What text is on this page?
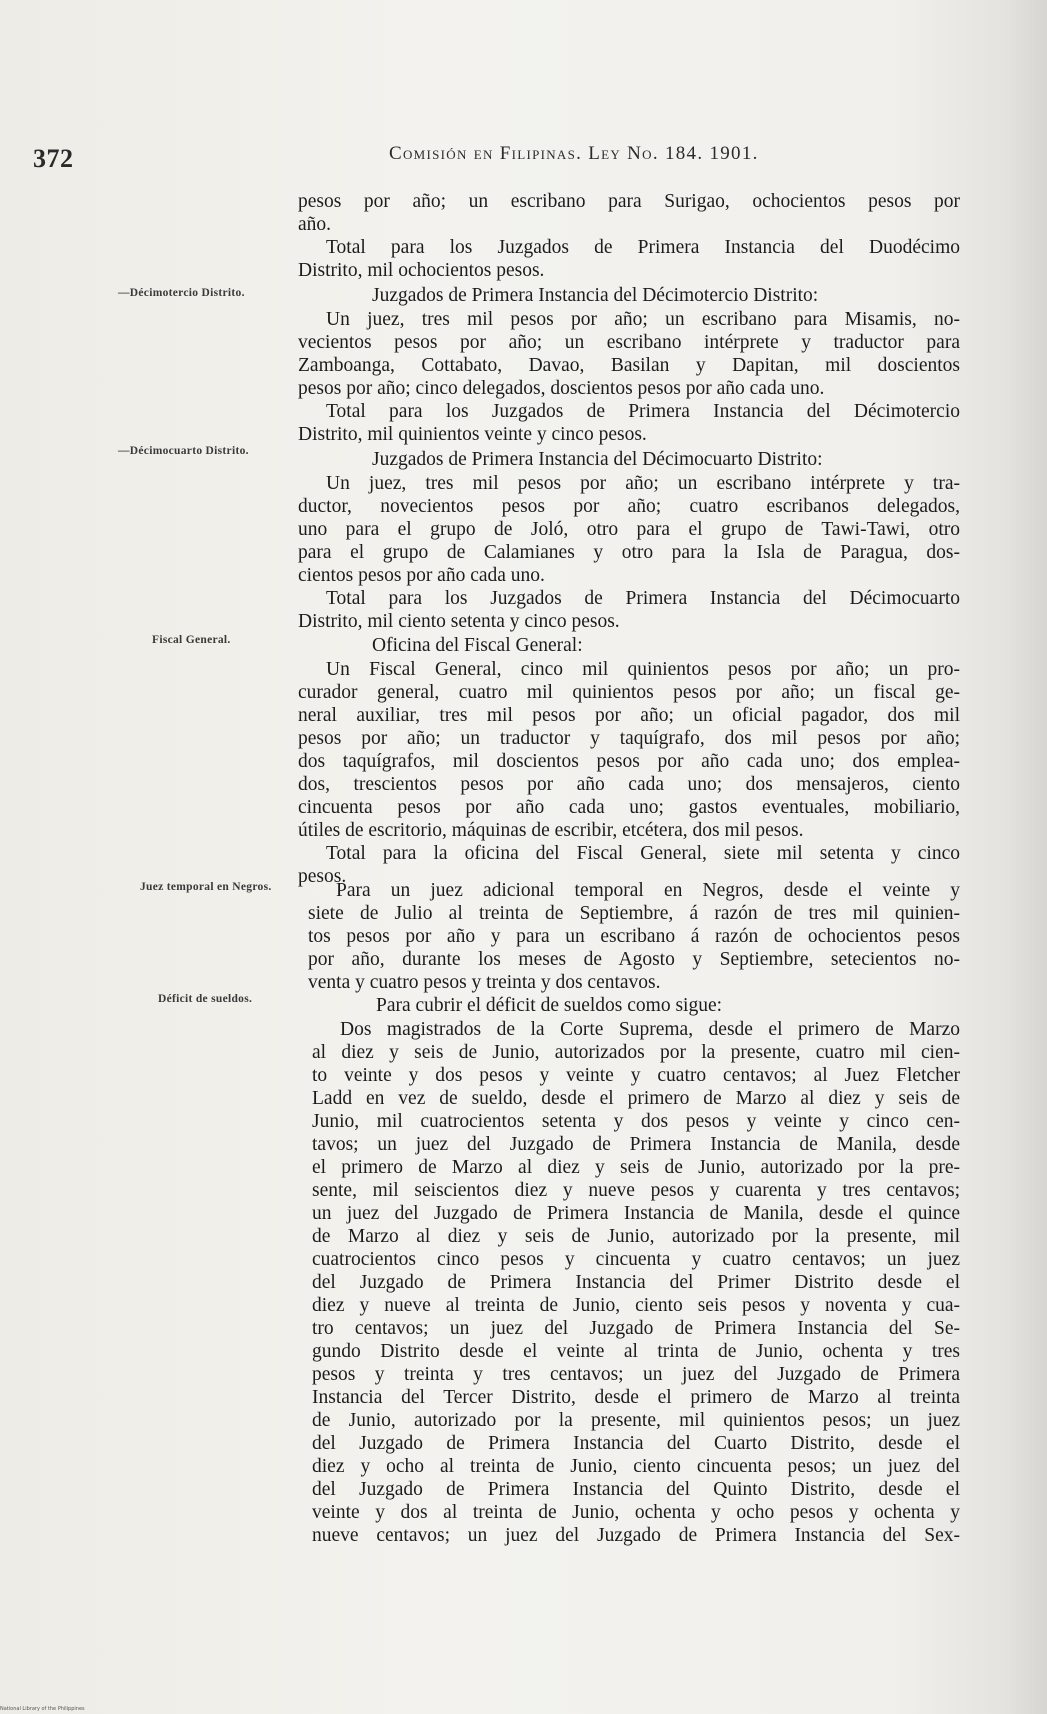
372	Comisión en Filipinas. Ley No. 184. 1901.
—Décimotercio Distrito.
—Décimocuarto Distrito.
Fiscal General.
Juez temporal en Negros.
Déficit de sueldos.
pesos por año; un escribano para Surigao, ochocientos pesos por
año.
Total para los Juzgados de Primera Instancia del Duodécimo
Distrito, mil ochocientos pesos.
Juzgados de Primera Instancia del Décimotercio Distrito:
Un juez, tres mil pesos por año; un escribano para Misamis, no-
vecientos pesos por año; un escribano intérprete y traductor para
Zamboanga, Cottabato, Davao, Basilan y Dapitan, mil doscientos
pesos por año; cinco delegados, doscientos pesos por año cada uno.
Total para los Juzgados de Primera Instancia del Décimotercio
Distrito, mil quinientos veinte y cinco pesos.
Juzgados de Primera Instancia del Décimocuarto Distrito:
Un juez, tres mil pesos por año; un escribano intérprete y tra-
ductor, novecientos pesos por año; cuatro escribanos delegados,
uno para el grupo de Joló, otro para el grupo de Tawi-Tawi, otro
para el grupo de Calamianes y otro para la Isla de Paragua, dos-
cientos pesos por año cada uno.
Total para los Juzgados de Primera Instancia del Décimocuarto
Distrito, mil ciento setenta y cinco pesos.
Oficina del Fiscal General:
Un Fiscal General, cinco mil quinientos pesos por año; un pro-
curador general, cuatro mil quinientos pesos por año; un fiscal ge-
neral auxiliar, tres mil pesos por año; un oficial pagador, dos mil
pesos por año; un traductor y taquígrafo, dos mil pesos por año;
dos taquígrafos, mil doscientos pesos por año cada uno; dos emplea-
dos, trescientos pesos por año cada uno; dos mensajeros, ciento
cincuenta pesos por año cada uno; gastos eventuales, mobiliario,
útiles de escritorio, máquinas de escribir, etcétera, dos mil pesos.
Total para la oficina del Fiscal General, siete mil setenta y cinco
pesos.
Para un juez adicional temporal en Negros, desde el veinte y
siete de Julio al treinta de Septiembre, á razón de tres mil quinien-
tos pesos por año y para un escribano á razón de ochocientos pesos
por año, durante los meses de Agosto y Septiembre, setecientos no-
venta y cuatro pesos y treinta y dos centavos.
Para cubrir el déficit de sueldos como sigue:
Dos magistrados de la Corte Suprema, desde el primero de Marzo
al diez y seis de Junio, autorizados por la presente, cuatro mil cien-
to veinte y dos pesos y veinte y cuatro centavos; al Juez Fletcher
Ladd en vez de sueldo, desde el primero de Marzo al diez y seis de
Junio, mil cuatrocientos setenta y dos pesos y veinte y cinco cen-
tavos; un juez del Juzgado de Primera Instancia de Manila, desde
el primero de Marzo al diez y seis de Junio, autorizado por la pre-
sente, mil seiscientos diez y nueve pesos y cuarenta y tres centavos;
un juez del Juzgado de Primera Instancia de Manila, desde el quince
de Marzo al diez y seis de Junio, autorizado por la presente, mil
cuatrocientos cinco pesos y cincuenta y cuatro centavos; un juez
del Juzgado de Primera Instancia del Primer Distrito desde el
diez y nueve al treinta de Junio, ciento seis pesos y noventa y cua-
tro centavos; un juez del Juzgado de Primera Instancia del Se-
gundo Distrito desde el veinte al trinta de Junio, ochenta y tres
pesos y treinta y tres centavos; un juez del Juzgado de Primera
Instancia del Tercer Distrito, desde el primero de Marzo al treinta
de Junio, autorizado por la presente, mil quinientos pesos; un juez
del Juzgado de Primera Instancia del Cuarto Distrito, desde el
diez y ocho al treinta de Junio, ciento cincuenta pesos; un juez del
del Juzgado de Primera Instancia del Quinto Distrito, desde el
veinte y dos al treinta de Junio, ochenta y ocho pesos y ochenta y
nueve centavos; un juez del Juzgado de Primera Instancia del Sex-
National Library of the Philippines
